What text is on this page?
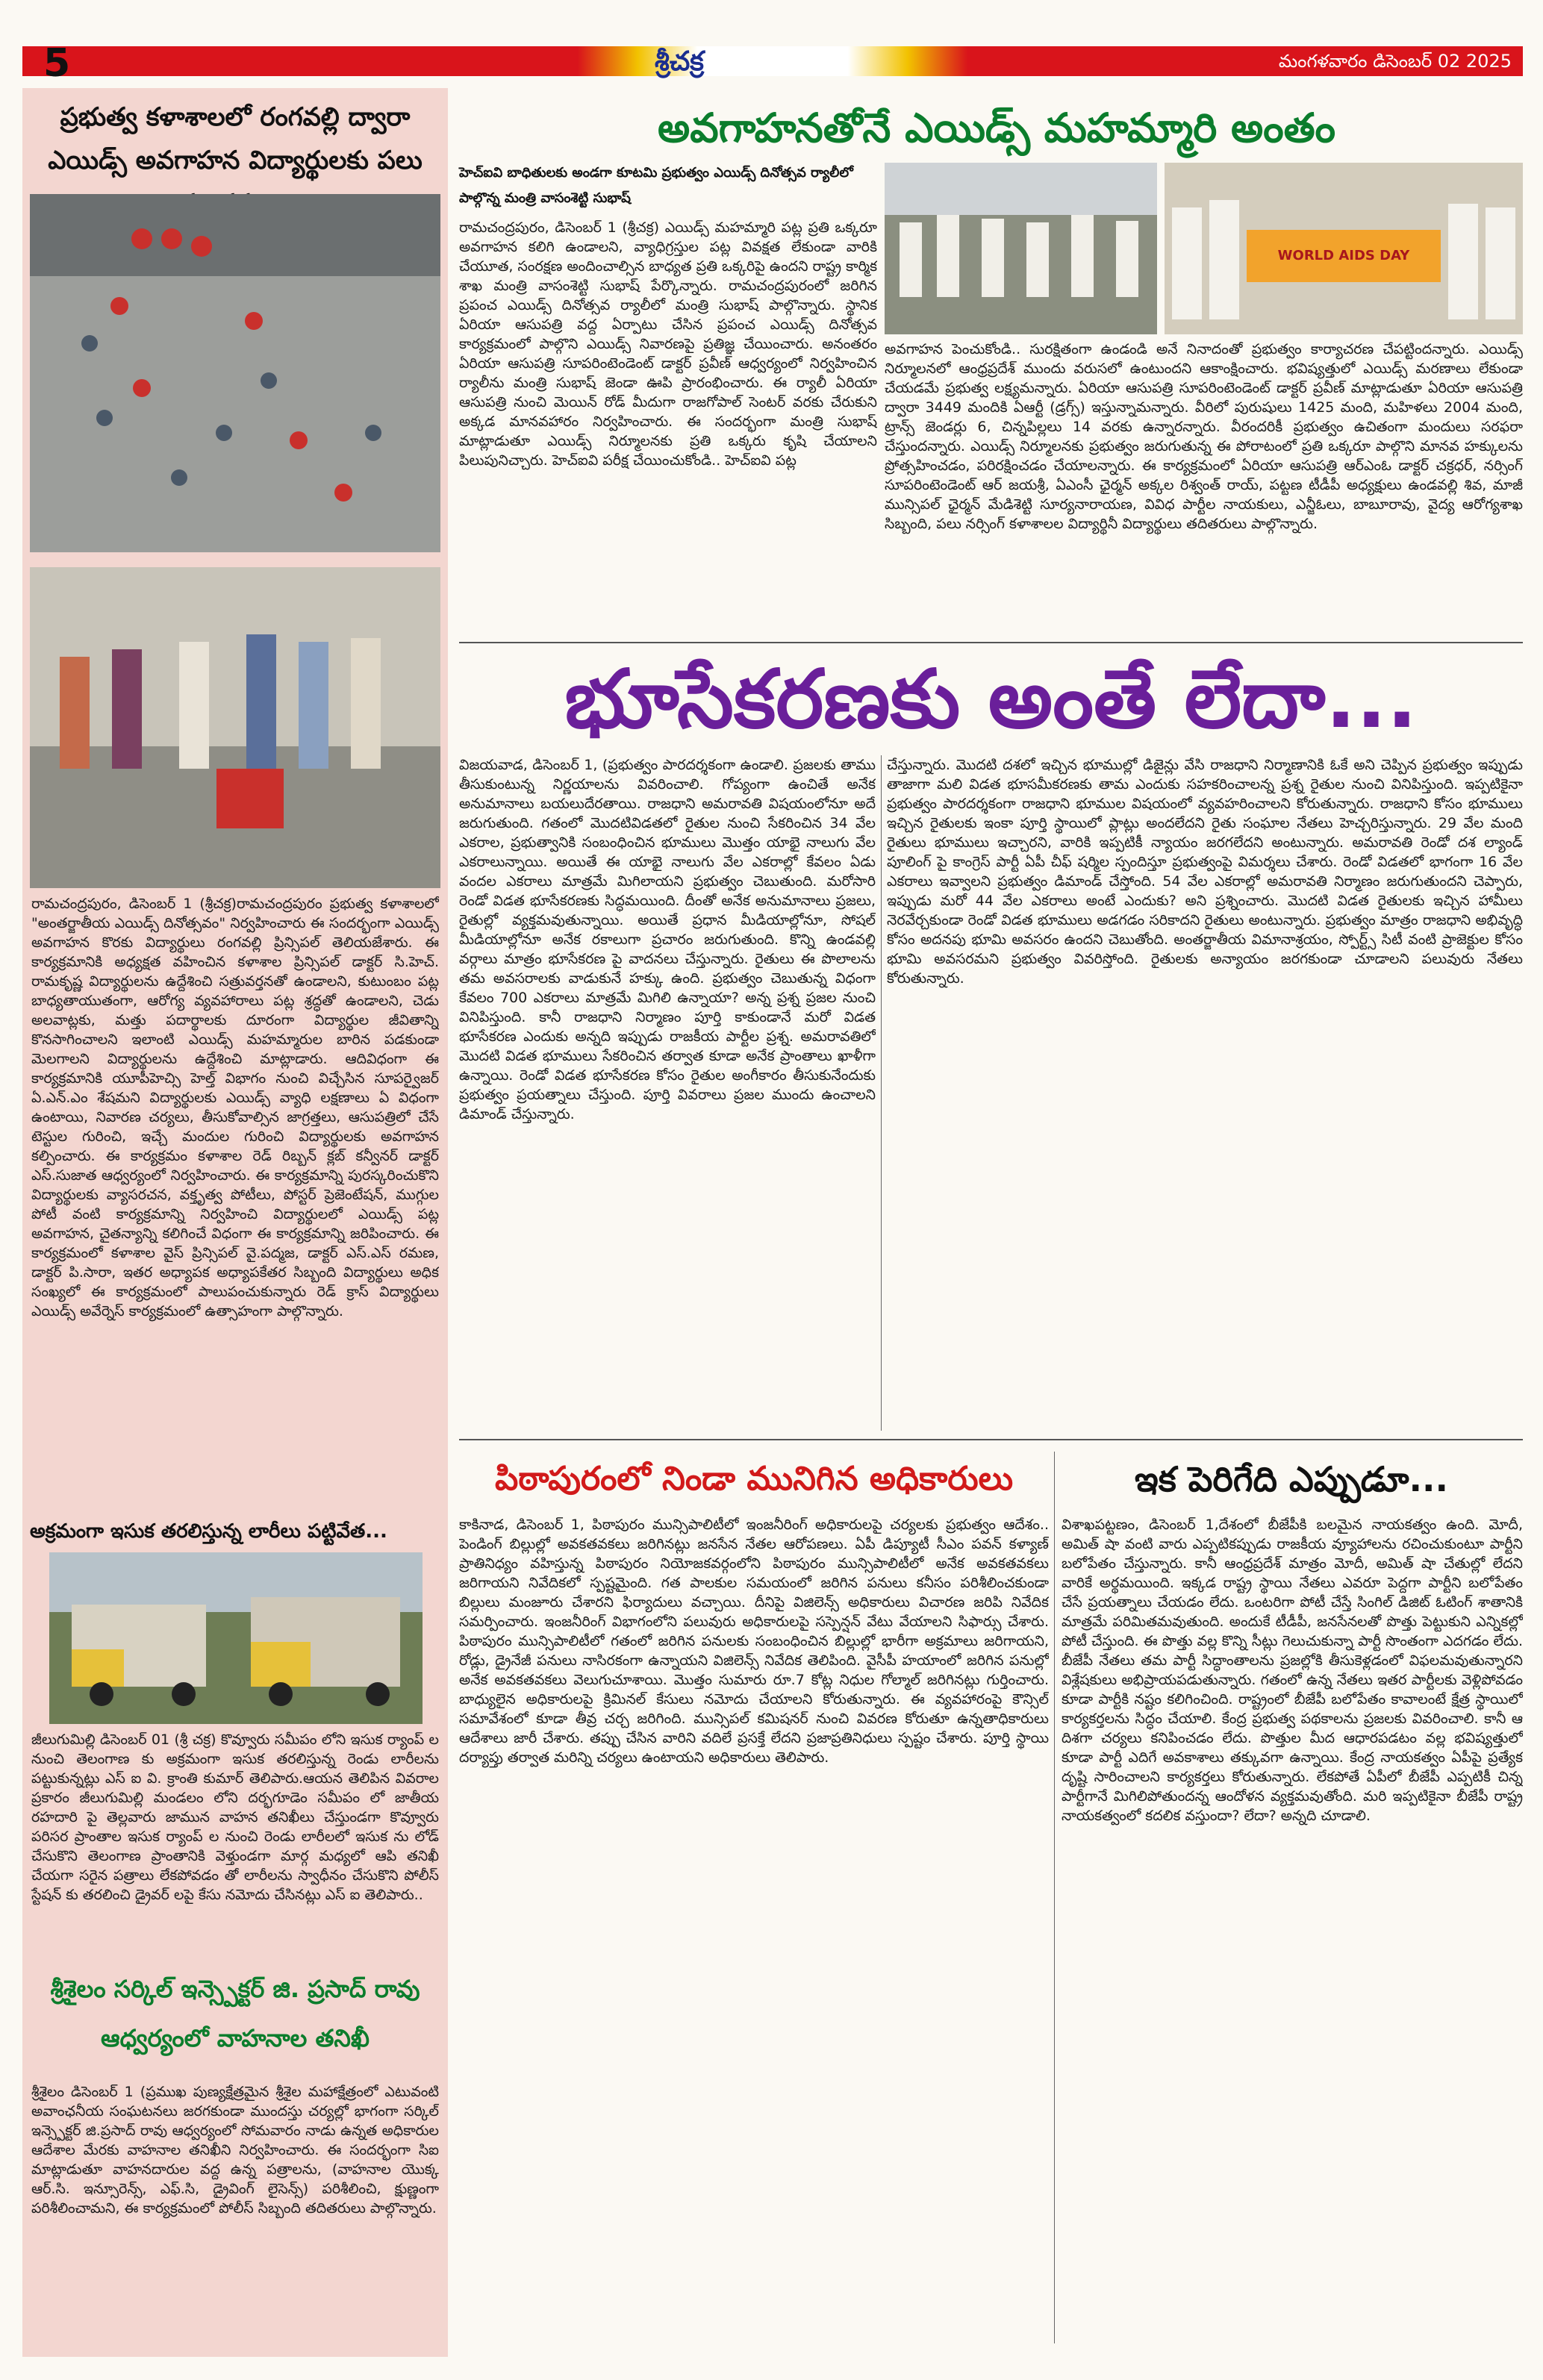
5	శ్రీచక్ర	మంగళవారం డిసెంబర్ 02 2025
ప్రభుత్వ కళాశాలలో రంగవల్లి ద్వారా ఎయిడ్స్ అవగాహన విద్యార్థులకు పలు
రామచంద్రపురం, డిసెంబర్ 1 (శ్రీచక్ర)రామచంద్రపురం ప్రభుత్వ కళాశాలలో "అంతర్జాతీయ ఎయిడ్స్ దినోత్సవం" నిర్వహించారు ఈ సందర్భంగా ఎయిడ్స్ అవగాహన కొరకు విద్యార్థులు రంగవల్లి ప్రిన్సిపల్ తెలియజేశారు. ఈ కార్యక్రమానికి అధ్యక్షత వహించిన కళాశాల ప్రిన్సిపల్ డాక్టర్ సి.హెచ్. రామకృష్ణ విద్యార్థులను ఉద్దేశించి సత్రువర్తనతో ఉండాలని, కుటుంబం పట్ల బాధ్యతాయుతంగా, ఆరోగ్య వ్యవహారాలు పట్ల శ్రద్ధతో ఉండాలని, చెడు అలవాట్లకు, మత్తు పదార్థాలకు దూరంగా విద్యార్థుల జీవితాన్ని కొనసాగించాలని ఇలాంటి ఎయిడ్స్ మహమ్మారుల బారిన పడకుండా మెలగాలని విద్యార్థులను ఉద్దేశించి మాట్లాడారు. ఆదివిధంగా ఈ కార్యక్రమానికి యూపీహెచ్సి హెల్త్ విభాగం నుంచి విచ్చేసిన సూపర్వైజర్ ఏ.ఎన్.ఎం శేషమని విద్యార్థులకు ఎయిడ్స్ వ్యాధి లక్షణాలు ఏ విధంగా ఉంటాయి, నివారణ చర్యలు, తీసుకోవాల్సిన జాగ్రత్తలు, ఆసుపత్రిలో చేసే టెస్టుల గురించి, ఇచ్చే మందుల గురించి విద్యార్థులకు అవగాహన కల్పించారు. ఈ కార్యక్రమం కళాశాల రెడ్ రిబ్బన్ క్లబ్ కన్వీనర్ డాక్టర్ ఎస్.సుజాత ఆధ్వర్యంలో నిర్వహించారు. ఈ కార్యక్రమాన్ని పురస్కరించుకొని విద్యార్థులకు వ్యాసరచన, వక్తృత్వ పోటీలు, పోస్టర్ ప్రెజెంటేషన్, ముగ్గుల పోటీ వంటి కార్యక్రమాన్ని నిర్వహించి విద్యార్థులలో ఎయిడ్స్ పట్ల అవగాహన, చైతన్యాన్ని కలిగించే విధంగా ఈ కార్యక్రమాన్ని జరిపించారు. ఈ కార్యక్రమంలో కళాశాల వైస్ ప్రిన్సిపల్ వై.పద్మజ, డాక్టర్ ఎస్.ఎస్ రమణ, డాక్టర్ పి.సారా, ఇతర అధ్యాపక అధ్యాపకేతర సిబ్బంది విద్యార్థులు అధిక సంఖ్యలో ఈ కార్యక్రమంలో పాలుపంచుకున్నారు రెడ్ క్రాస్ విద్యార్థులు ఎయిడ్స్ అవేర్నెస్ కార్యక్రమంలో ఉత్సాహంగా పాల్గొన్నారు.
అక్రమంగా ఇసుక తరలిస్తున్న లారీలు పట్టివేత...
జీలుగుమిల్లి డిసెంబర్ 01 (శ్రీ చక్ర) కొవ్వూరు సమీపం లోని ఇసుక ర్యాంప్ ల నుంచి తెలంగాణ కు అక్రమంగా ఇసుక తరలిస్తున్న రెండు లారీలను పట్టుకున్నట్లు ఎస్ ఐ వి. క్రాంతి కుమార్ తెలిపారు.ఆయన తెలిపిన వివరాల ప్రకారం జీలుగుమిల్లి మండలం లోని దర్భగూడెం సమీపం లో జాతీయ రహదారి పై తెల్లవారు జామున వాహన తనిఖీలు చేస్తుండగా కొవ్వూరు పరిసర ప్రాంతాల ఇసుక ర్యాంప్ ల నుంచి రెండు లారీలలో ఇసుక ను లోడ్ చేసుకొని తెలంగాణ ప్రాంతానికి వెళ్తుండగా మార్గ మధ్యలో ఆపి తనిఖీ చేయగా సరైన పత్రాలు లేకపోవడం తో లారీలను స్వాధీనం చేసుకొని పోలీస్ స్టేషన్ కు తరలించి డ్రైవర్ లపై కేసు నమోదు చేసినట్లు ఎస్ ఐ తెలిపారు..
శ్రీశైలం సర్కిల్ ఇన్స్పెక్టర్ జి. ప్రసాద్ రావు ఆధ్వర్యంలో వాహనాల తనిఖీ
శ్రీశైలం డిసెంబర్ 1 (ప్రముఖ పుణ్యక్షేత్రమైన శ్రీశైల మహాక్షేత్రంలో ఎటువంటి అవాంఛనీయ సంఘటనలు జరగకుండా ముందస్తు చర్యల్లో భాగంగా సర్కిల్ ఇన్స్పెక్టర్ జి.ప్రసాద్ రావు ఆధ్వర్యంలో సోమవారం నాడు ఉన్నత అధికారుల ఆదేశాల మేరకు వాహనాల తనిఖీని నిర్వహించారు. ఈ సందర్భంగా సిఐ మాట్లాడుతూ వాహనదారుల వద్ద ఉన్న పత్రాలను, (వాహనాల యొక్క ఆర్.సి. ఇన్సూరెన్స్, ఎఫ్.సి, డ్రైవింగ్ లైసెన్స్) పరిశీలించి, క్షుణ్ణంగా పరిశీలించామని, ఈ కార్యక్రమంలో పోలీస్ సిబ్బంది తదితరులు పాల్గొన్నారు.
అవగాహనతోనే ఎయిడ్స్ మహమ్మారి అంతం
హెచ్ఐవి బాధితులకు అండగా కూటమి ప్రభుత్వం ఎయిడ్స్ దినోత్సవ ర్యాలీలో పాల్గొన్న మంత్రి వాసంశెట్టి సుభాష్
రామచంద్రపురం, డిసెంబర్ 1 (శ్రీచక్ర) ఎయిడ్స్ మహమ్మారి పట్ల ప్రతి ఒక్కరూ అవగాహన కలిగి ఉండాలని, వ్యాధిగ్రస్తుల పట్ల వివక్షత లేకుండా వారికి చేయూత, సంరక్షణ అందించాల్సిన బాధ్యత ప్రతి ఒక్కరిపై ఉందని రాష్ట్ర కార్మిక శాఖ మంత్రి వాసంశెట్టి సుభాష్ పేర్కొన్నారు. రామచంద్రపురంలో జరిగిన ప్రపంచ ఎయిడ్స్ దినోత్సవ ర్యాలీలో మంత్రి సుభాష్ పాల్గొన్నారు. స్థానిక ఏరియా ఆసుపత్రి వద్ద ఏర్పాటు చేసిన ప్రపంచ ఎయిడ్స్ దినోత్సవ కార్యక్రమంలో పాల్గొని ఎయిడ్స్ నివారణపై ప్రతిజ్ఞ చేయించారు. అనంతరం ఏరియా ఆసుపత్రి సూపరింటెండెంట్ డాక్టర్ ప్రవీణ్ ఆధ్వర్యంలో నిర్వహించిన ర్యాలీను మంత్రి సుభాష్ జెండా ఊపి ప్రారంభించారు. ఈ ర్యాలీ ఏరియా ఆసుపత్రి నుంచి మెయిన్ రోడ్ మీదుగా రాజగోపాల్ సెంటర్ వరకు చేరుకుని అక్కడ మానవహారం నిర్వహించారు. ఈ సందర్భంగా మంత్రి సుభాష్ మాట్లాడుతూ ఎయిడ్స్ నిర్మూలనకు ప్రతి ఒక్కరు కృషి చేయాలని పిలుపునిచ్చారు. హెచ్ఐవి పరీక్ష చేయించుకోండి.. హెచ్ఐవి పట్ల
WORLD AIDS DAY
అవగాహన పెంచుకోండి.. సురక్షితంగా ఉండండి అనే నినాదంతో ప్రభుత్వం కార్యాచరణ చేపట్టిందన్నారు. ఎయిడ్స్ నిర్మూలనలో ఆంధ్రప్రదేశ్ ముందు వరుసలో ఉంటుందని ఆకాంక్షించారు. భవిష్యత్తులో ఎయిడ్స్ మరణాలు లేకుండా చేయడమే ప్రభుత్వ లక్ష్యమన్నారు. ఏరియా ఆసుపత్రి సూపరింటెండెంట్ డాక్టర్ ప్రవీణ్ మాట్లాడుతూ ఏరియా ఆసుపత్రి ద్వారా 3449 మందికి ఏఆర్టీ (డ్రగ్స్) ఇస్తున్నామన్నారు. వీరిలో పురుషులు 1425 మంది, మహిళలు 2004 మంది, ట్రాన్స్ జెండర్లు 6, చిన్నపిల్లలు 14 వరకు ఉన్నారన్నారు. వీరందరికీ ప్రభుత్వం ఉచితంగా మందులు సరఫరా చేస్తుందన్నారు. ఎయిడ్స్ నిర్మూలనకు ప్రభుత్వం జరుగుతున్న ఈ పోరాటంలో ప్రతి ఒక్కరూ పాల్గొని మానవ హక్కులను ప్రోత్సహించడం, పరిరక్షించడం చేయాలన్నారు. ఈ కార్యక్రమంలో ఏరియా ఆసుపత్రి ఆర్ఎంఓ డాక్టర్ చక్రధర్, నర్సింగ్ సూపరింటెండెంట్ ఆర్ జయశ్రీ, ఏఎంసీ ఛైర్మన్ అక్కల రిశ్వంత్ రాయ్, పట్టణ టీడీపీ అధ్యక్షులు ఉండవల్లి శివ, మాజీ మున్సిపల్ ఛైర్మన్ మేడిశెట్టి సూర్యనారాయణ, వివిధ పార్టీల నాయకులు, ఎన్జీఓలు, బాబూరావు, వైద్య ఆరోగ్యశాఖ సిబ్బంది, పలు నర్సింగ్ కళాశాలల విద్యార్థినీ విద్యార్థులు తదితరులు పాల్గొన్నారు.
భూసేకరణకు అంతే లేదా...
విజయవాడ, డిసెంబర్ 1, (ప్రభుత్వం పారదర్శకంగా ఉండాలి. ప్రజలకు తాము తీసుకుంటున్న నిర్ణయాలను వివరించాలి. గోప్యంగా ఉంచితే అనేక అనుమానాలు బయలుదేరతాయి. రాజధాని అమరావతి విషయంలోనూ అదే జరుగుతుంది. గతంలో మొదటివిడతలో రైతుల నుంచి సేకరించిన 34 వేల ఎకరాల, ప్రభుత్వానికి సంబంధించిన భూములు మొత్తం యాభై నాలుగు వేల ఎకరాలున్నాయి. అయితే ఈ యాభై నాలుగు వేల ఎకరాల్లో కేవలం ఏడు వందల ఎకరాలు మాత్రమే మిగిలాయని ప్రభుత్వం చెబుతుంది. మరోసారి రెండో విడత భూసేకరణకు సిద్ధమయింది. దీంతో అనేక అనుమానాలు ప్రజలు, రైతుల్లో వ్యక్తమవుతున్నాయి. అయితే ప్రధాన మీడియాల్లోనూ, సోషల్ మీడియాల్లోనూ అనేక రకాలుగా ప్రచారం జరుగుతుంది. కొన్ని ఉండవల్లి వర్గాలు మాత్రం భూసేకరణ పై వాదనలు చేస్తున్నారు. రైతులు ఈ పొలాలను తమ అవసరాలకు వాడుకునే హక్కు ఉంది. ప్రభుత్వం చెబుతున్న విధంగా కేవలం 700 ఎకరాలు మాత్రమే మిగిలి ఉన్నాయా? అన్న ప్రశ్న ప్రజల నుంచి వినిపిస్తుంది. కానీ రాజధాని నిర్మాణం పూర్తి కాకుండానే మరో విడత భూసేకరణ ఎందుకు అన్నది ఇప్పుడు రాజకీయ పార్టీల ప్రశ్న. అమరావతిలో మొదటి విడత భూములు సేకరించిన తర్వాత కూడా అనేక ప్రాంతాలు ఖాళీగా ఉన్నాయి. రెండో విడత భూసేకరణ కోసం రైతుల అంగీకారం తీసుకునేందుకు ప్రభుత్వం ప్రయత్నాలు చేస్తుంది. పూర్తి వివరాలు ప్రజల ముందు ఉంచాలని డిమాండ్ చేస్తున్నారు.
చేస్తున్నారు. మొదటి దశలో ఇచ్చిన భూముల్లో డిజైన్లు వేసి రాజధాని నిర్మాణానికి ఓకే అని చెప్పిన ప్రభుత్వం ఇప్పుడు తాజాగా మలి విడత భూసమీకరణకు తామ ఎందుకు సహకరించాలన్న ప్రశ్న రైతుల నుంచి వినిపిస్తుంది. ఇప్పటికైనా ప్రభుత్వం పారదర్శకంగా రాజధాని భూముల విషయంలో వ్యవహరించాలని కోరుతున్నారు. రాజధాని కోసం భూములు ఇచ్చిన రైతులకు ఇంకా పూర్తి స్థాయిలో ప్లాట్లు అందలేదని రైతు సంఘాల నేతలు హెచ్చరిస్తున్నారు. 29 వేల మంది రైతులు భూములు ఇచ్చారని, వారికి ఇప్పటికీ న్యాయం జరగలేదని అంటున్నారు. అమరావతి రెండో దశ ల్యాండ్ పూలింగ్ పై కాంగ్రెస్ పార్టీ ఏపీ చీఫ్ షర్మిల స్పందిస్తూ ప్రభుత్వంపై విమర్శలు చేశారు. రెండో విడతలో భాగంగా 16 వేల ఎకరాలు ఇవ్వాలని ప్రభుత్వం డిమాండ్ చేస్తోంది. 54 వేల ఎకరాల్లో అమరావతి నిర్మాణం జరుగుతుందని చెప్పారు, ఇప్పుడు మరో 44 వేల ఎకరాలు అంటే ఎందుకు? అని ప్రశ్నించారు. మొదటి విడత రైతులకు ఇచ్చిన హామీలు నెరవేర్చకుండా రెండో విడత భూములు అడగడం సరికాదని రైతులు అంటున్నారు. ప్రభుత్వం మాత్రం రాజధాని అభివృద్ధి కోసం అదనపు భూమి అవసరం ఉందని చెబుతోంది. అంతర్జాతీయ విమానాశ్రయం, స్పోర్ట్స్ సిటీ వంటి ప్రాజెక్టుల కోసం భూమి అవసరమని ప్రభుత్వం వివరిస్తోంది. రైతులకు అన్యాయం జరగకుండా చూడాలని పలువురు నేతలు కోరుతున్నారు.
పిఠాపురంలో నిండా మునిగిన అధికారులు
కాకినాడ, డిసెంబర్ 1, పిఠాపురం మున్సిపాలిటీలో ఇంజనీరింగ్ అధికారులపై చర్యలకు ప్రభుత్వం ఆదేశం.. పెండింగ్ బిల్లుల్లో అవకతవకలు జరిగినట్లు జనసేన నేతల ఆరోపణలు. ఏపీ డిప్యూటీ సీఎం పవన్ కళ్యాణ్ ప్రాతినిధ్యం వహిస్తున్న పిఠాపురం నియోజకవర్గంలోని పిఠాపురం మున్సిపాలిటీలో అనేక అవకతవకలు జరిగాయని నివేదికలో స్పష్టమైంది. గత పాలకుల సమయంలో జరిగిన పనులు కనీసం పరిశీలించకుండా బిల్లులు మంజూరు చేశారని ఫిర్యాదులు వచ్చాయి. దీనిపై విజిలెన్స్ అధికారులు విచారణ జరిపి నివేదిక సమర్పించారు. ఇంజనీరింగ్ విభాగంలోని పలువురు అధికారులపై సస్పెన్షన్ వేటు వేయాలని సిఫార్సు చేశారు. పిఠాపురం మున్సిపాలిటీలో గతంలో జరిగిన పనులకు సంబంధించిన బిల్లుల్లో భారీగా అక్రమాలు జరిగాయని, రోడ్లు, డ్రైనేజీ పనులు నాసిరకంగా ఉన్నాయని విజిలెన్స్ నివేదిక తెలిపింది. వైసీపీ హయాంలో జరిగిన పనుల్లో అనేక అవకతవకలు వెలుగుచూశాయి. మొత్తం సుమారు రూ.7 కోట్ల నిధుల గోల్మాల్ జరిగినట్లు గుర్తించారు. బాధ్యులైన అధికారులపై క్రిమినల్ కేసులు నమోదు చేయాలని కోరుతున్నారు. ఈ వ్యవహారంపై కౌన్సిల్ సమావేశంలో కూడా తీవ్ర చర్చ జరిగింది. మున్సిపల్ కమిషనర్ నుంచి వివరణ కోరుతూ ఉన్నతాధికారులు ఆదేశాలు జారీ చేశారు. తప్పు చేసిన వారిని వదిలే ప్రసక్తే లేదని ప్రజాప్రతినిధులు స్పష్టం చేశారు. పూర్తి స్థాయి దర్యాప్తు తర్వాత మరిన్ని చర్యలు ఉంటాయని అధికారులు తెలిపారు.
ఇక పెరిగేది ఎప్పుడూ...
విశాఖపట్టణం, డిసెంబర్ 1,దేశంలో బీజేపీకి బలమైన నాయకత్వం ఉంది. మోదీ, అమిత్ షా వంటి వారు ఎప్పటికప్పుడు రాజకీయ వ్యూహాలను రచించుకుంటూ పార్టీని బలోపేతం చేస్తున్నారు. కానీ ఆంధ్రప్రదేశ్ మాత్రం మోదీ, అమిత్ షా చేతుల్లో లేదని వారికే అర్థమయింది. ఇక్కడ రాష్ట్ర స్థాయి నేతలు ఎవరూ పెద్దగా పార్టీని బలోపేతం చేసే ప్రయత్నాలు చేయడం లేదు. ఒంటరిగా పోటీ చేస్తే సింగిల్ డిజిట్ ఓటింగ్ శాతానికి మాత్రమే పరిమితమవుతుంది. అందుకే టీడీపీ, జనసేనలతో పొత్తు పెట్టుకుని ఎన్నికల్లో పోటీ చేస్తుంది. ఈ పొత్తు వల్ల కొన్ని సీట్లు గెలుచుకున్నా పార్టీ సొంతంగా ఎదగడం లేదు. బీజేపీ నేతలు తమ పార్టీ సిద్ధాంతాలను ప్రజల్లోకి తీసుకెళ్లడంలో విఫలమవుతున్నారని విశ్లేషకులు అభిప్రాయపడుతున్నారు. గతంలో ఉన్న నేతలు ఇతర పార్టీలకు వెళ్లిపోవడం కూడా పార్టీకి నష్టం కలిగించింది. రాష్ట్రంలో బీజేపీ బలోపేతం కావాలంటే క్షేత్ర స్థాయిలో కార్యకర్తలను సిద్ధం చేయాలి. కేంద్ర ప్రభుత్వ పథకాలను ప్రజలకు వివరించాలి. కానీ ఆ దిశగా చర్యలు కనిపించడం లేదు. పొత్తుల మీద ఆధారపడటం వల్ల భవిష్యత్తులో కూడా పార్టీ ఎదిగే అవకాశాలు తక్కువగా ఉన్నాయి. కేంద్ర నాయకత్వం ఏపీపై ప్రత్యేక దృష్టి సారించాలని కార్యకర్తలు కోరుతున్నారు. లేకపోతే ఏపీలో బీజేపీ ఎప్పటికీ చిన్న పార్టీగానే మిగిలిపోతుందన్న ఆందోళన వ్యక్తమవుతోంది. మరి ఇప్పటికైనా బీజేపీ రాష్ట్ర నాయకత్వంలో కదలిక వస్తుందా? లేదా? అన్నది చూడాలి.
